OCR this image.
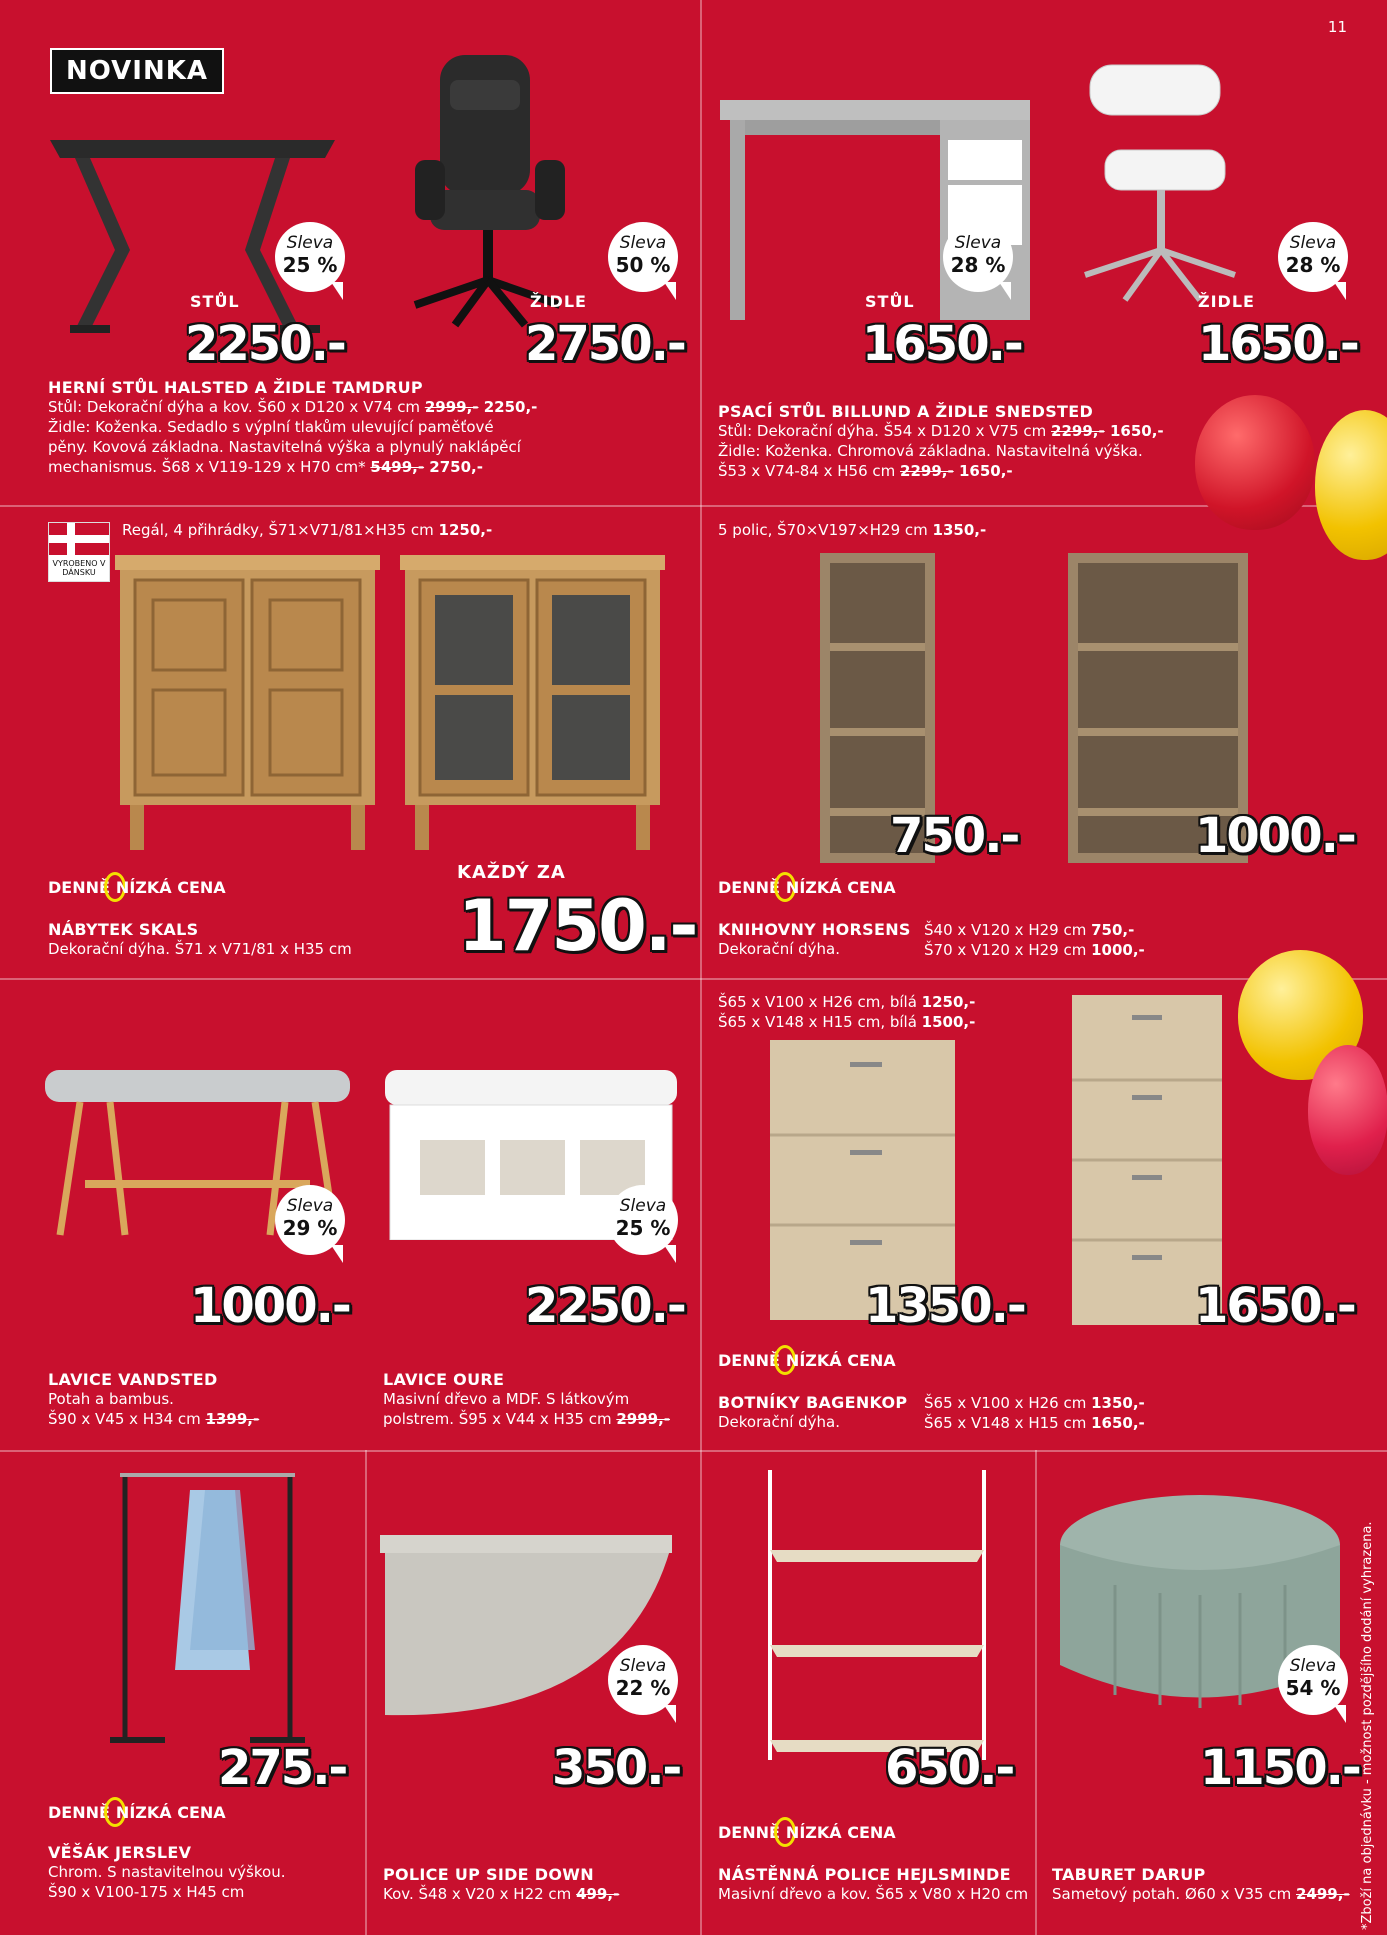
11
NOVINKA
Sleva
25 %
Sleva
50 %
STŮL	ŽIDLE
2250.-	2750.-
HERNÍ STŮL HALSTED A ŽIDLE TAMDRUP
Stůl: Dekorační dýha a kov. Š60 x D120 x V74 cm 2999,- 2250,-
Židle: Koženka. Sedadlo s výplní tlakům ulevující paměťové
pěny. Kovová základna. Nastavitelná výška a plynulý naklápěcí
mechanismus. Š68 x V119-129 x H70 cm* 5499,- 2750,-
Sleva
28 %
Sleva
28 %
STŮL	ŽIDLE
1650.-	1650.-
PSACÍ STŮL BILLUND A ŽIDLE SNEDSTED
Stůl: Dekorační dýha. Š54 x D120 x V75 cm 2299,- 1650,-
Židle: Koženka. Chromová základna. Nastavitelná výška.
Š53 x V74-84 x H56 cm 2299,- 1650,-
VYROBENO V DÁNSKU
Regál, 4 přihrádky, Š71×V71/81×H35 cm 1250,-
DENNĚ NÍZKÁ CENA
KAŽDÝ ZA
1750.-
NÁBYTEK SKALS
Dekorační dýha. Š71 x V71/81 x H35 cm
5 polic, Š70×V197×H29 cm 1350,-
750.-	1000.-
DENNĚ NÍZKÁ CENA
KNIHOVNY HORSENS
Dekorační dýha.
Š40 x V120 x H29 cm 750,-
Š70 x V120 x H29 cm 1000,-
Sleva
29 %
Sleva
25 %
1000.-	2250.-
LAVICE VANDSTED
Potah a bambus.
Š90 x V45 x H34 cm 1399,-
LAVICE OURE
Masivní dřevo a MDF. S látkovým
polstrem. Š95 x V44 x H35 cm 2999,-
Š65 x V100 x H26 cm, bílá 1250,-
Š65 x V148 x H15 cm, bílá 1500,-
1350.-	1650.-
DENNĚ NÍZKÁ CENA
BOTNÍKY BAGENKOP
Dekorační dýha.
Š65 x V100 x H26 cm 1350,-
Š65 x V148 x H15 cm 1650,-
275.-
DENNĚ NÍZKÁ CENA
VĚŠÁK JERSLEV
Chrom. S nastavitelnou výškou.
Š90 x V100-175 x H45 cm
Sleva
22 %
350.-
POLICE UP SIDE DOWN
Kov. Š48 x V20 x H22 cm 499,-
650.-
DENNĚ NÍZKÁ CENA
NÁSTĚNNÁ POLICE HEJLSMINDE
Masivní dřevo a kov. Š65 x V80 x H20 cm
Sleva
54 %
1150.-
TABURET DARUP
Sametový potah. Ø60 x V35 cm 2499,- *Zboží na objednávku - možnost pozdějšího dodání vyhrazena.
